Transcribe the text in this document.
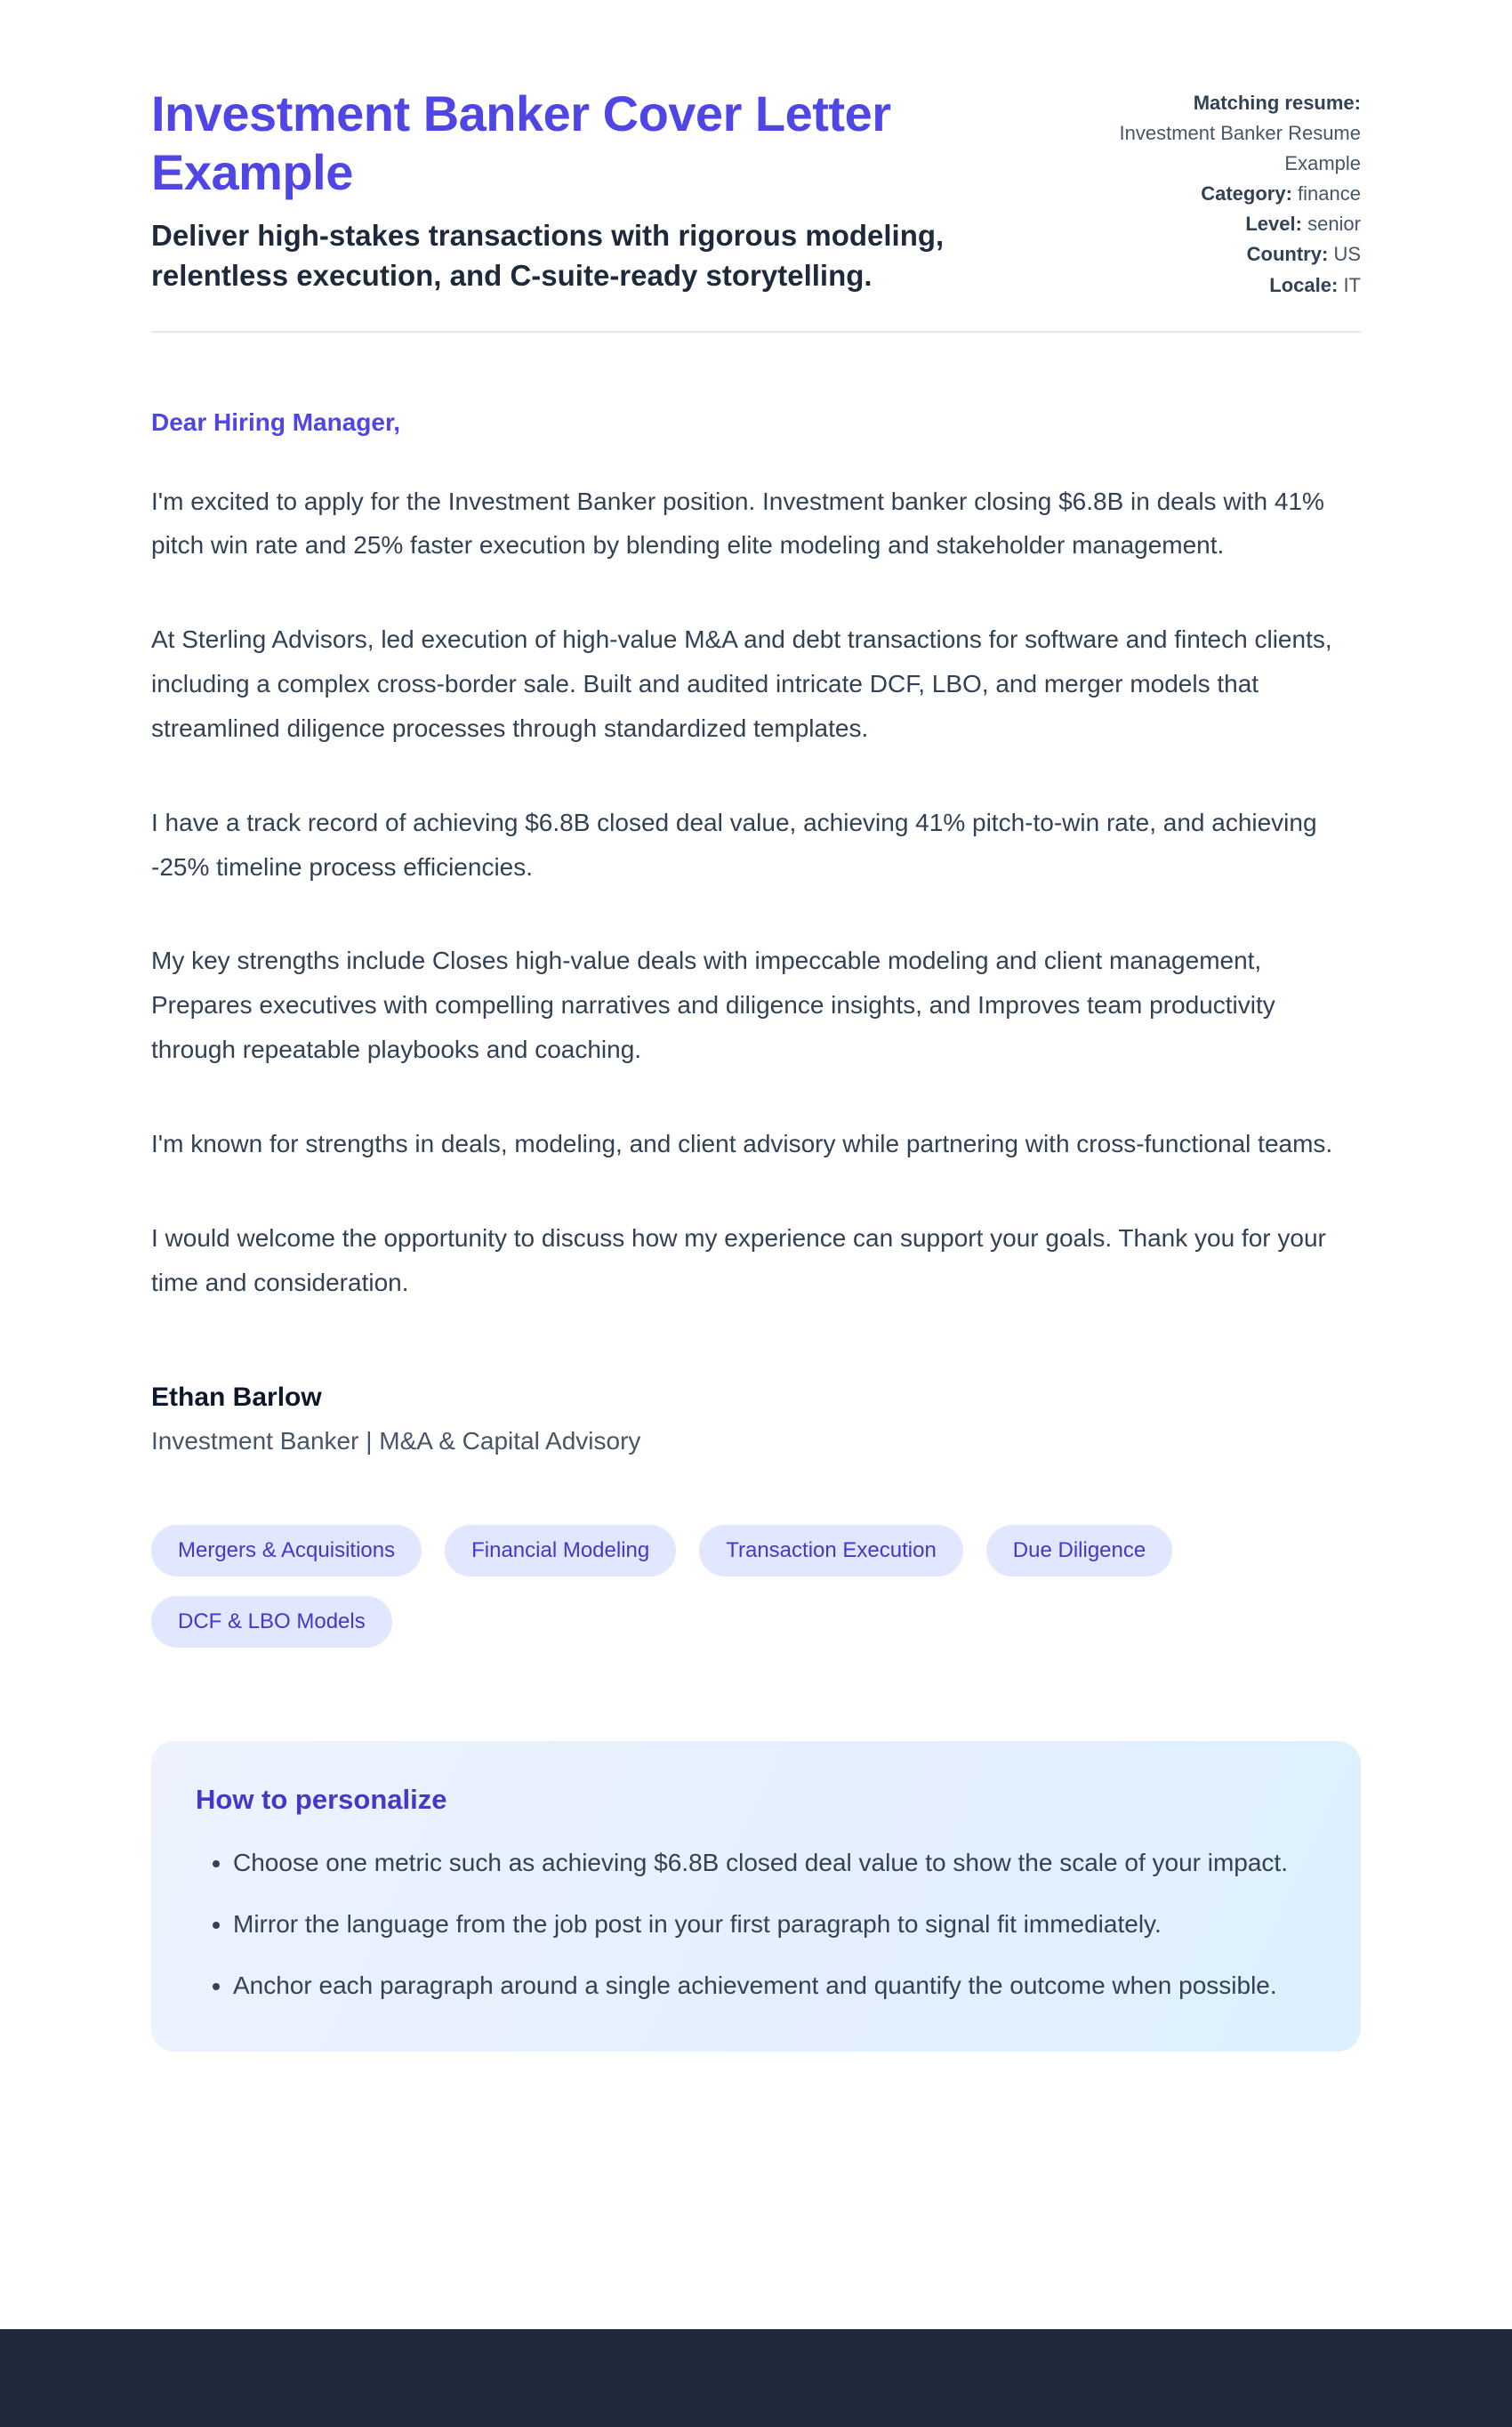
Investment Banker Cover Letter Example

Deliver high-stakes transactions with rigorous modeling, relentless execution, and C-suite-ready storytelling.

Matching resume:
Investment Banker Resume Example
Category: finance
Level: senior
Country: US
Locale: IT

Dear Hiring Manager,

I'm excited to apply for the Investment Banker position. Investment banker closing $6.8B in deals with 41% pitch win rate and 25% faster execution by blending elite modeling and stakeholder management.

At Sterling Advisors, led execution of high-value M&A and debt transactions for software and fintech clients, including a complex cross-border sale. Built and audited intricate DCF, LBO, and merger models that streamlined diligence processes through standardized templates.

I have a track record of achieving $6.8B closed deal value, achieving 41% pitch-to-win rate, and achieving -25% timeline process efficiencies.

My key strengths include Closes high-value deals with impeccable modeling and client management, Prepares executives with compelling narratives and diligence insights, and Improves team productivity through repeatable playbooks and coaching.

I'm known for strengths in deals, modeling, and client advisory while partnering with cross-functional teams.

I would welcome the opportunity to discuss how my experience can support your goals. Thank you for your time and consideration.

Ethan Barlow

Investment Banker | M&A & Capital Advisory

Mergers & Acquisitions	Financial Modeling	Transaction Execution	Due Diligence
DCF & LBO Models
How to personalize
• Choose one metric such as achieving $6.8B closed deal value to show the scale of your impact.
• Mirror the language from the job post in your first paragraph to signal fit immediately.
• Anchor each paragraph around a single achievement and quantify the outcome when possible.
